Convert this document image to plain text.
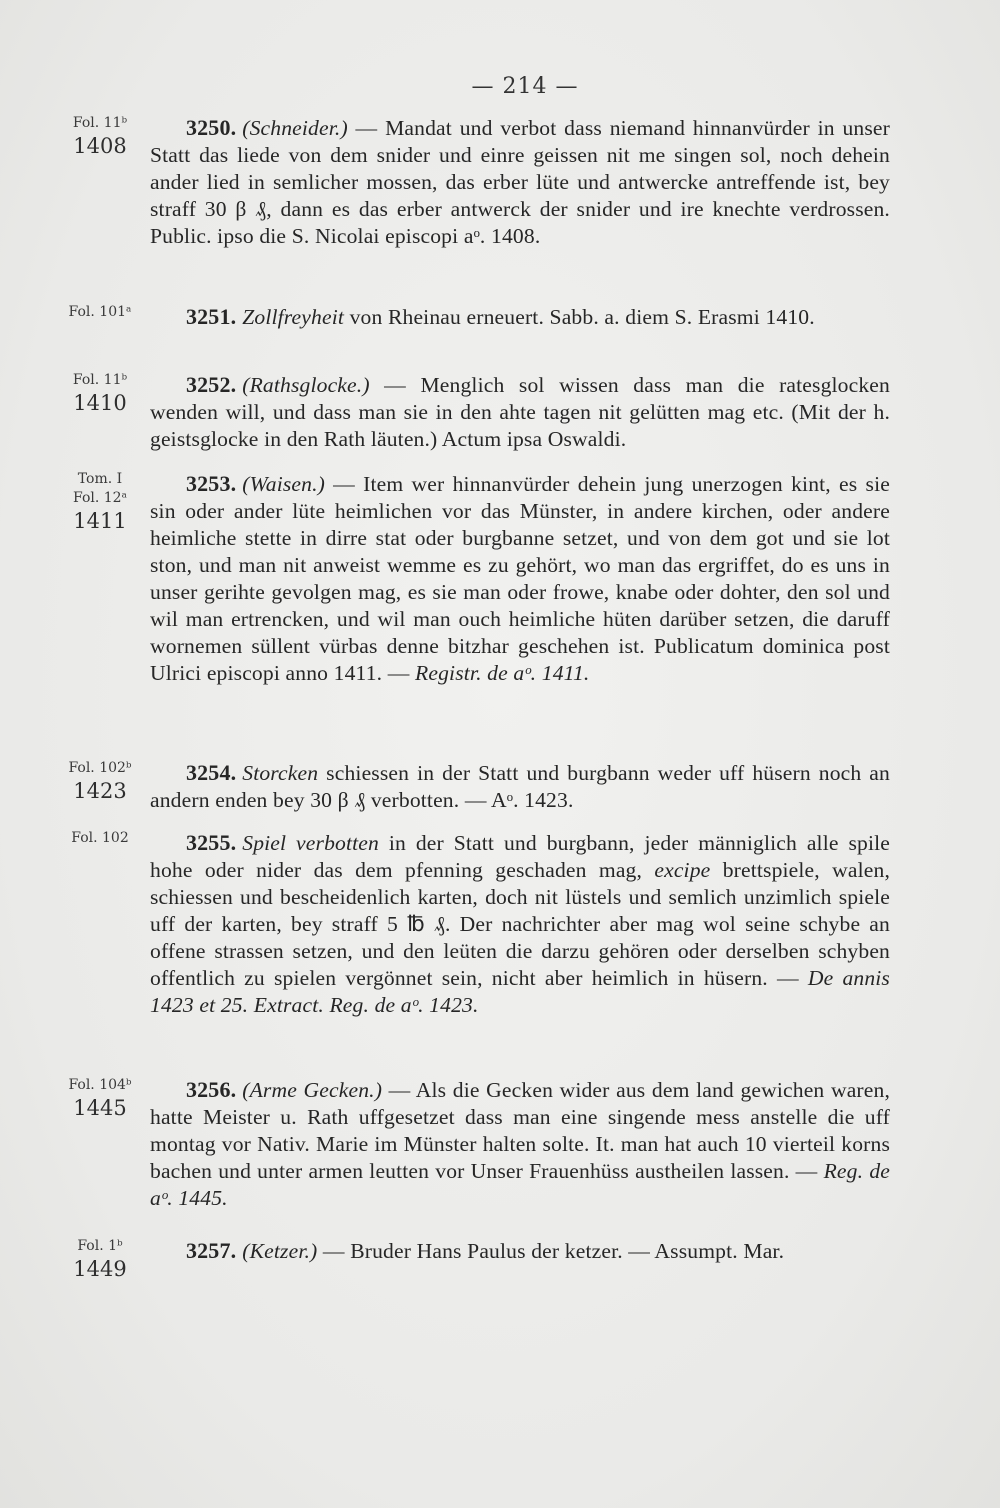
— 214 —
Fol. 11ᵇ
1408
3250. (Schneider.) — Mandat und verbot dass niemand hinnanvürder in unser Statt das liede von dem snider und einre geissen nit me singen sol, noch dehein ander lied in semlicher mossen, das erber lüte und antwercke antreffende ist, bey straff 30 β ₰, dann es das erber antwerck der snider und ire knechte verdrossen. Public. ipso die S. Nicolai episcopi aᵒ. 1408.
Fol. 101ᵃ	3251. Zollfreyheit von Rheinau erneuert. Sabb. a. diem S. Erasmi 1410.
Fol. 11ᵇ
1410
3252. (Rathsglocke.) — Menglich sol wissen dass man die ratesglocken wenden will, und dass man sie in den ahte tagen nit gelütten mag etc. (Mit der h. geistsglocke in den Rath läuten.) Actum ipsa Oswaldi.
Tom. I
Fol. 12ᵃ
1411
3253. (Waisen.) — Item wer hinnanvürder dehein jung unerzogen kint, es sie sin oder ander lüte heimlichen vor das Münster, in andere kirchen, oder andere heimliche stette in dirre stat oder burgbanne setzet, und von dem got und sie lot ston, und man nit anweist wemme es zu gehört, wo man das ergriffet, do es uns in unser gerihte gevolgen mag, es sie man oder frowe, knabe oder dohter, den sol und wil man ertrencken, und wil man ouch heimliche hüten darüber setzen, die daruff wornemen süllent vürbas denne bitzhar geschehen ist. Publicatum dominica post Ulrici episcopi anno 1411. — Registr. de aᵒ. 1411.
Fol. 102ᵇ
1423
3254. Storcken schiessen in der Statt und burgbann weder uff hüsern noch an andern enden bey 30 β ₰ verbotten. — Aᵒ. 1423.
Fol. 102	3255. Spiel verbotten in der Statt und burgbann, jeder männiglich alle spile hohe oder nider das dem pfenning geschaden mag, excipe brettspiele, walen, schiessen und bescheidenlich karten, doch nit lüstels und semlich unzimlich spiele uff der karten, bey straff 5 ℔ ₰. Der nachrichter aber mag wol seine schybe an offene strassen setzen, und den leüten die darzu gehören oder derselben schyben offentlich zu spielen vergönnet sein, nicht aber heimlich in hüsern. — De annis 1423 et 25. Extract. Reg. de aᵒ. 1423.
Fol. 104ᵇ
1445
3256. (Arme Gecken.) — Als die Gecken wider aus dem land gewichen waren, hatte Meister u. Rath uffgesetzet dass man eine singende mess anstelle die uff montag vor Nativ. Marie im Münster halten solte. It. man hat auch 10 vierteil korns bachen und unter armen leutten vor Unser Frauenhüss austheilen lassen. — Reg. de aᵒ. 1445.
Fol. 1ᵇ
1449
3257. (Ketzer.) — Bruder Hans Paulus der ketzer. — Assumpt. Mar.
